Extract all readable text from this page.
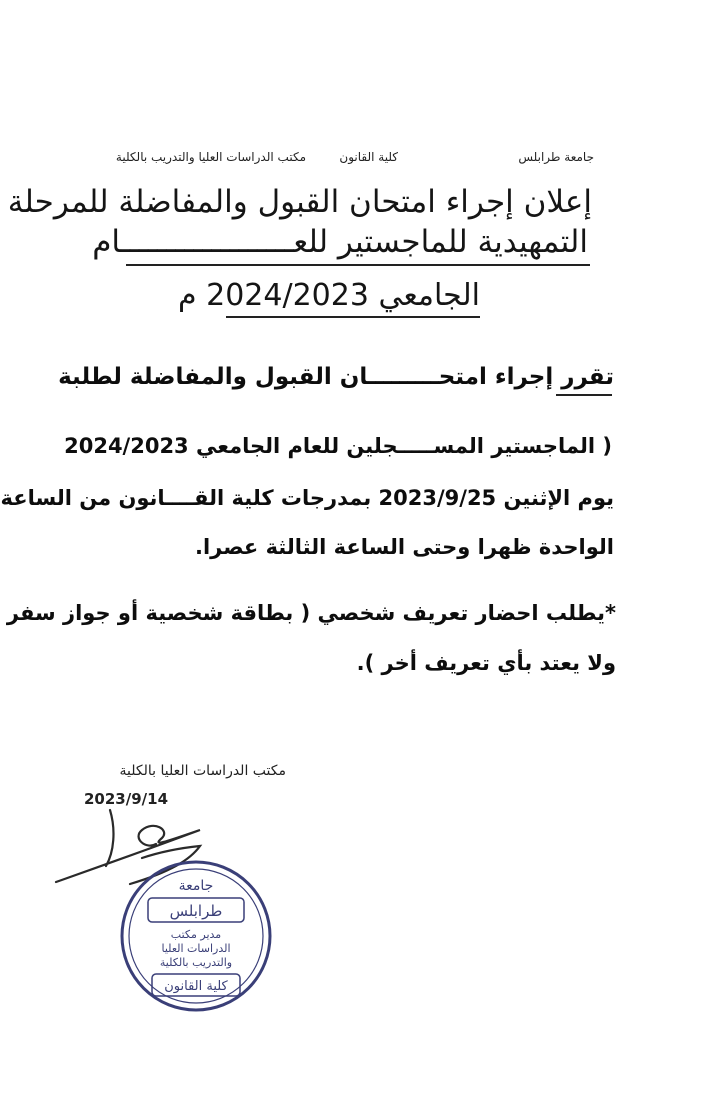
جامعة طرابلس
كلية القانون
مكتب الدراسات العليا والتدريب بالكلية
إعلان إجراء امتحان القبول والمفاضلة للمرحلة
التمهيدية للماجستير للعـــــــــــــــــــام
الجامعي 2024/2023 م
تقرر إجراء امتحـــــــــان القبول والمفاضلة لطلبة
( الماجستير المســـــجلين للعام الجامعي 2024/2023
يوم الإثنين 2023/9/25 بمدرجات كلية القــــانون من الساعة
الواحدة ظهرا وحتى الساعة الثالثة عصرا.
*يطلب احضار تعريف شخصي ( بطاقة شخصية أو جواز سفر
ولا يعتد بأي تعريف أخر ).
مكتب الدراسات العليا بالكلية
2023/9/14
جامعة
طرابلس
مدير مكتب
الدراسات العليا
والتدريب بالكلية
كلية القانون
